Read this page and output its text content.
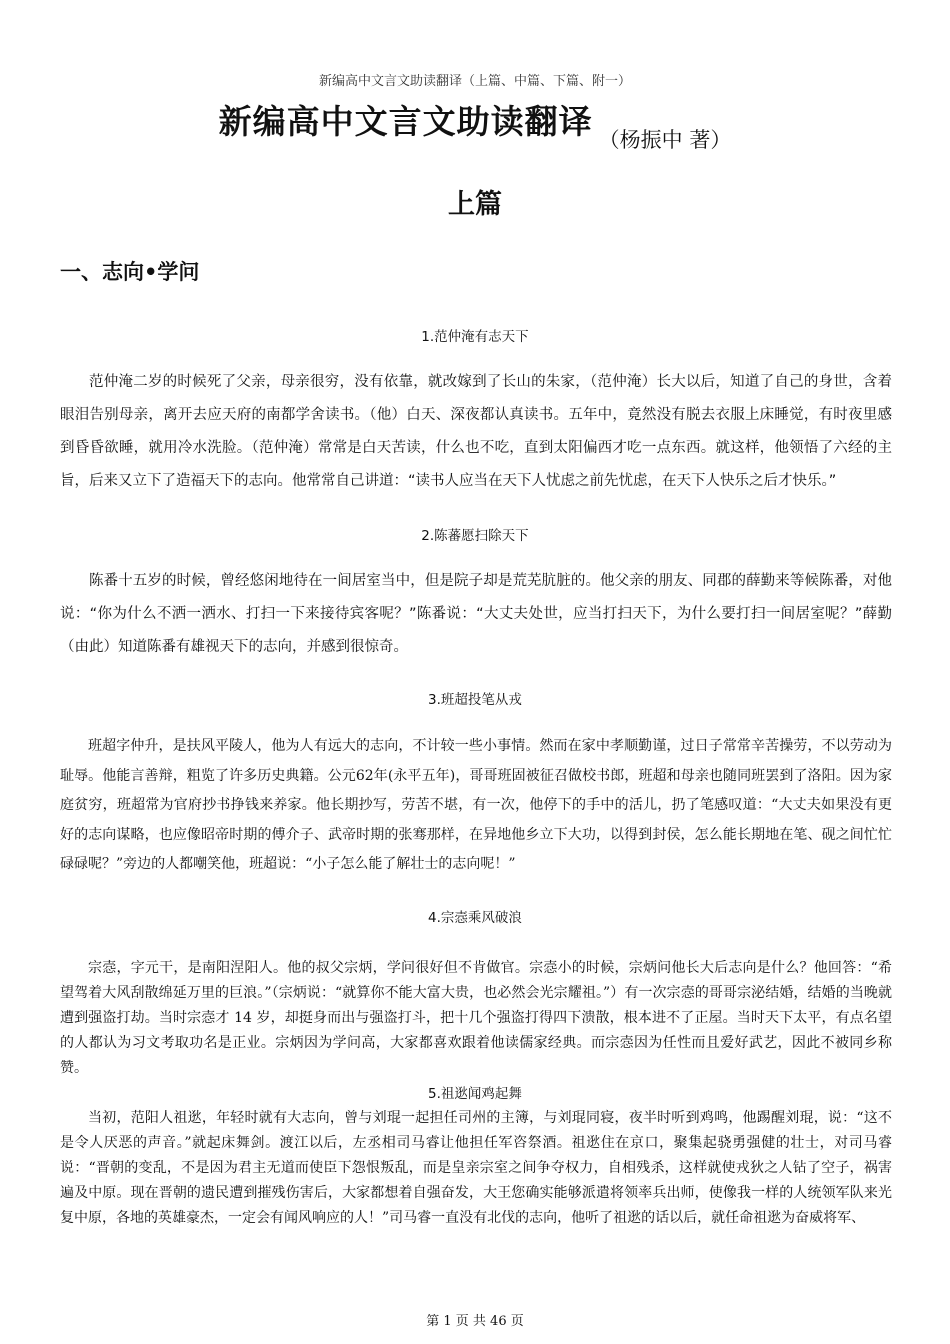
新编高中文言文助读翻译（上篇、中篇、下篇、附一）
新编高中文言文助读翻译 （杨振中 著）
上篇
一、志向•学问
1.范仲淹有志天下

范仲淹二岁的时候死了父亲，母亲很穷，没有依靠，就改嫁到了长山的朱家，（范仲淹）长大以后，知道了自己的身世，含着眼泪告别母亲，离开去应天府的南都学舍读书。（他）白天、深夜都认真读书。五年中，竟然没有脱去衣服上床睡觉，有时夜里感到昏昏欲睡，就用冷水洗脸。（范仲淹）常常是白天苦读，什么也不吃，直到太阳偏西才吃一点东西。就这样，他领悟了六经的主旨，后来又立下了造福天下的志向。他常常自己讲道：“读书人应当在天下人忧虑之前先忧虑，在天下人快乐之后才快乐。”

2.陈蕃愿扫除天下

陈番十五岁的时候，曾经悠闲地待在一间居室当中，但是院子却是荒芜肮脏的。他父亲的朋友、同郡的薛勤来等候陈番，对他说：“你为什么不洒一洒水、打扫一下来接待宾客呢？”陈番说：“大丈夫处世，应当打扫天下，为什么要打扫一间居室呢？”薛勤（由此）知道陈番有雄视天下的志向，并感到很惊奇。

3.班超投笔从戎

班超字仲升，是扶风平陵人，他为人有远大的志向，不计较一些小事情。然而在家中孝顺勤谨，过日子常常辛苦操劳，不以劳动为耻辱。他能言善辩，粗览了许多历史典籍。公元62年(永平五年)，哥哥班固被征召做校书郎，班超和母亲也随同班罢到了洛阳。因为家庭贫穷，班超常为官府抄书挣钱来养家。他长期抄写，劳苦不堪，有一次，他停下的手中的活儿，扔了笔感叹道：“大丈夫如果没有更好的志向谋略，也应像昭帝时期的傅介子、武帝时期的张骞那样，在异地他乡立下大功，以得到封侯，怎么能长期地在笔、砚之间忙忙碌碌呢？”旁边的人都嘲笑他，班超说：“小子怎么能了解壮士的志向呢！”

4.宗悫乘风破浪

宗悫，字元干，是南阳涅阳人。他的叔父宗炳，学问很好但不肯做官。宗悫小的时候，宗炳问他长大后志向是什么？他回答：“希望驾着大风刮散绵延万里的巨浪。”（宗炳说：“就算你不能大富大贵，也必然会光宗耀祖。”）有一次宗悫的哥哥宗泌结婚，结婚的当晚就遭到强盗打劫。当时宗悫才 14 岁，却挺身而出与强盗打斗，把十几个强盗打得四下溃散，根本进不了正屋。当时天下太平，有点名望的人都认为习文考取功名是正业。宗炳因为学问高，大家都喜欢跟着他读儒家经典。而宗悫因为任性而且爱好武艺，因此不被同乡称赞。

5.祖逖闻鸡起舞

当初，范阳人祖逖，年轻时就有大志向，曾与刘琨一起担任司州的主簿，与刘琨同寝，夜半时听到鸡鸣，他踢醒刘琨，说：“这不是令人厌恶的声音。”就起床舞剑。渡江以后，左丞相司马睿让他担任军咨祭酒。祖逖住在京口，聚集起骁勇强健的壮士，对司马睿说：“晋朝的变乱，不是因为君主无道而使臣下怨恨叛乱，而是皇亲宗室之间争夺权力，自相残杀，这样就使戎狄之人钻了空子，祸害遍及中原。现在晋朝的遗民遭到摧残伤害后，大家都想着自强奋发，大王您确实能够派遣将领率兵出师，使像我一样的人统领军队来光复中原，各地的英雄豪杰，一定会有闻风响应的人！”司马睿一直没有北伐的志向，他听了祖逖的话以后，就任命祖逖为奋威将军、

第 1 页 共 46 页
